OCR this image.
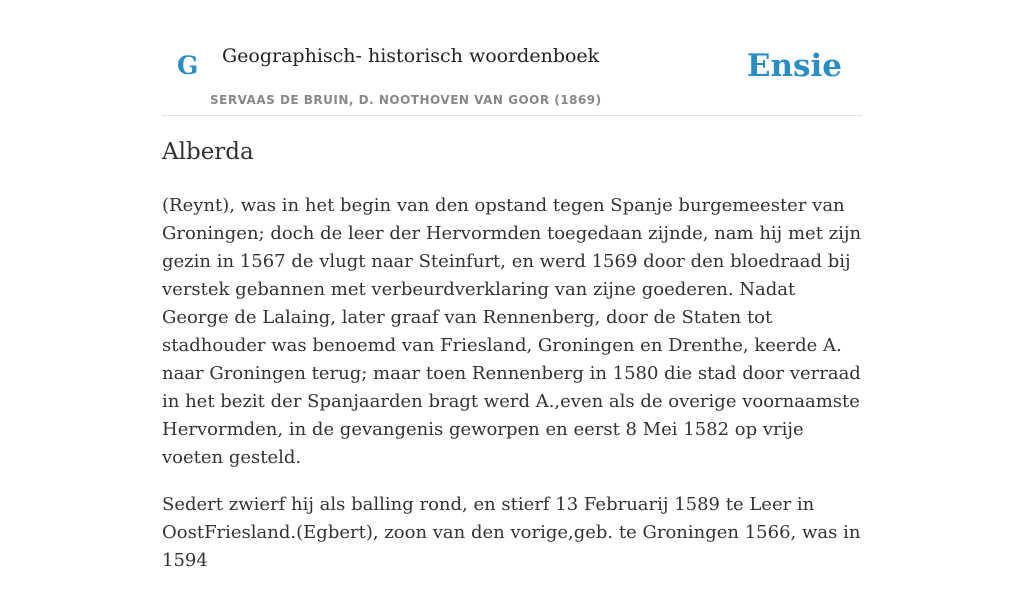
G Geographisch- historisch woordenboek
SERVAAS DE BRUIN, D. NOOTHOVEN VAN GOOR (1869)
Ensie
Alberda

(Reynt), was in het begin van den opstand tegen Spanje burgemeester van Groningen; doch de leer der Hervormden toegedaan zijnde, nam hij met zijn gezin in 1567 de vlugt naar Steinfurt, en werd 1569 door den bloedraad bij verstek gebannen met verbeurdverklaring van zijne goederen. Nadat George de Lalaing, later graaf van Rennenberg, door de Staten tot stadhouder was benoemd van Friesland, Groningen en Drenthe, keerde A. naar Groningen terug; maar toen Rennenberg in 1580 die stad door verraad in het bezit der Spanjaarden bragt werd A.,even als de overige voornaamste Hervormden, in de gevangenis geworpen en eerst 8 Mei 1582 op vrije voeten gesteld.

Sedert zwierf hij als balling rond, en stierf 13 Februarij 1589 te Leer in OostFriesland.(Egbert), zoon van den vorige,geb. te Groningen 1566, was in 1594
